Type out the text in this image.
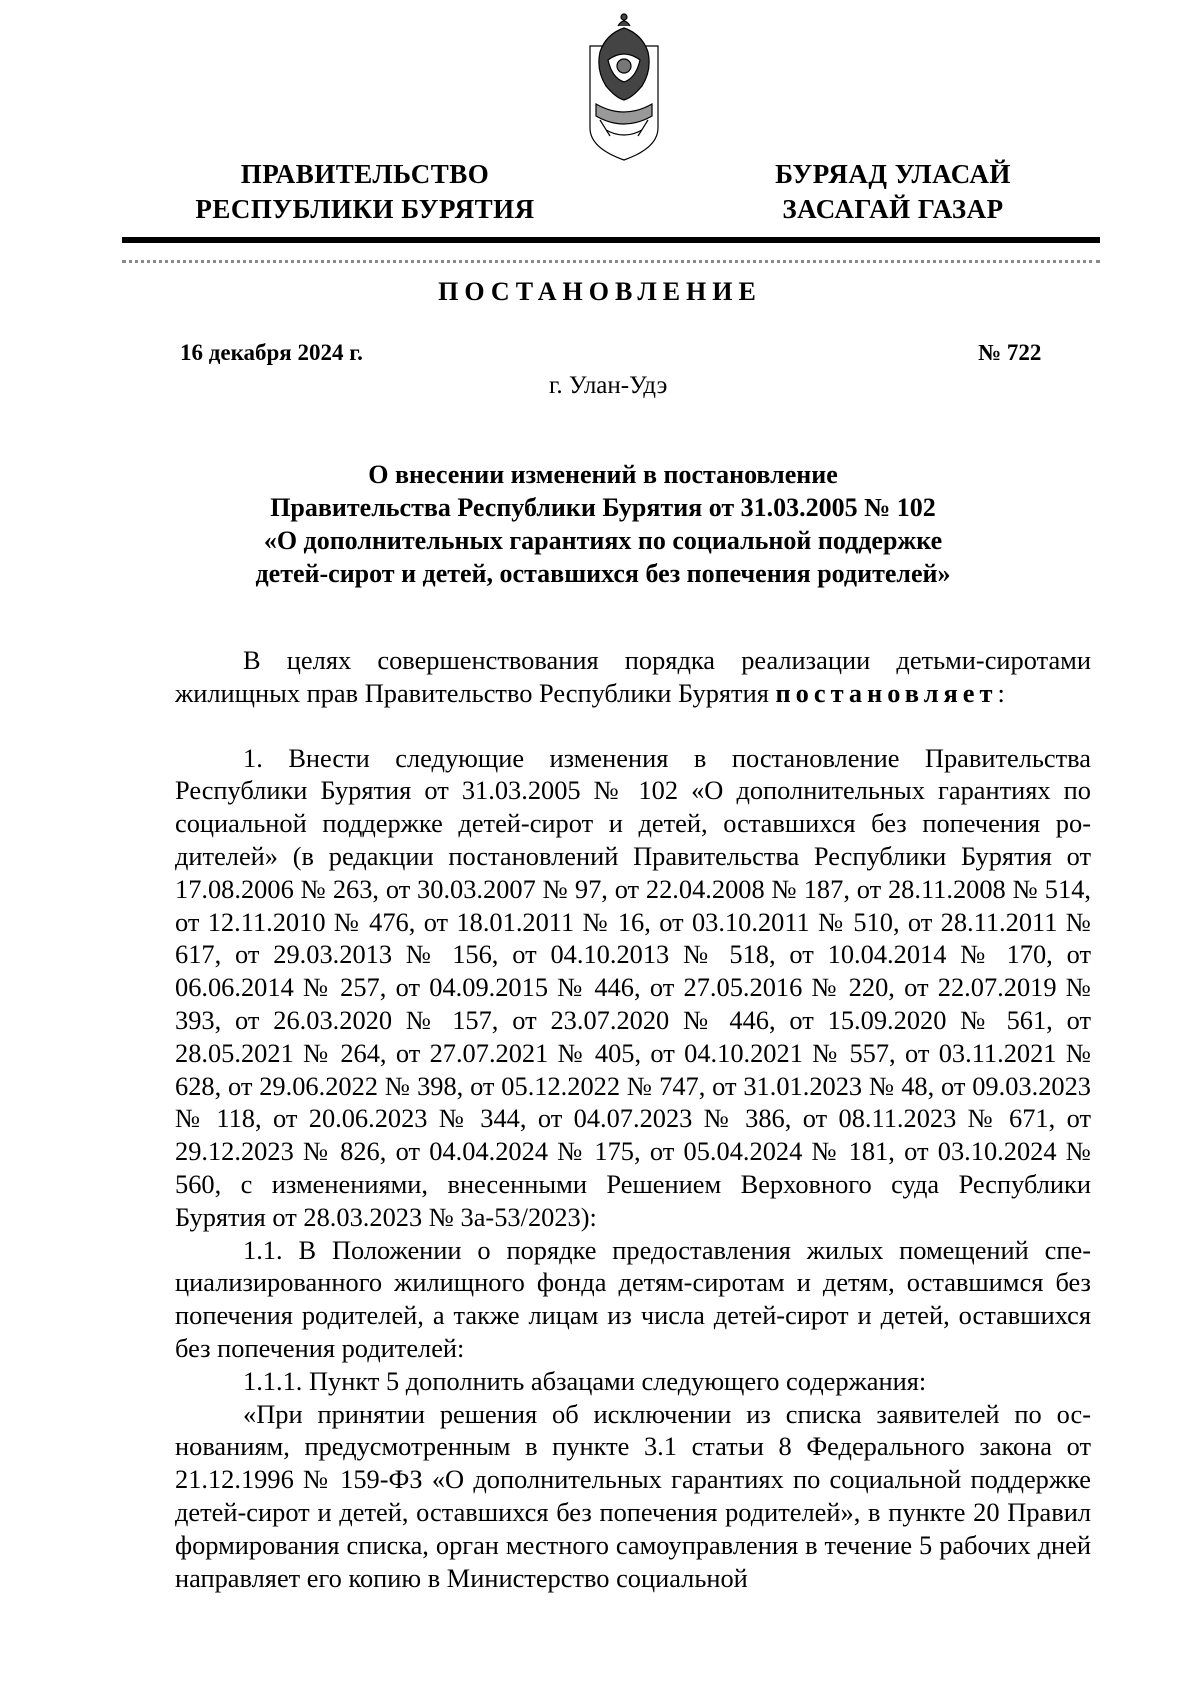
ПРАВИТЕЛЬСТВО
РЕСПУБЛИКИ БУРЯТИЯ

БУРЯАД УЛАСАЙ
ЗАСАГАЙ ГАЗАР

ПОСТАНОВЛЕНИЕ

16 декабря 2024 г.	№ 722

г. Улан-Удэ

О внесении изменений в постановление
Правительства Республики Бурятия от 31.03.2005 № 102
«О дополнительных гарантиях по социальной поддержке
детей-сирот и детей, оставшихся без попечения родителей»

В целях совершенствования порядка реализации детьми-сиротами жилищных прав Правительство Республики Бурятия постановляет:

1. Внести следующие изменения в постановление Правительства Республики Бурятия от 31.03.2005 № 102 «О дополнительных гарантиях по социальной поддержке детей-сирот и детей, оставшихся без попечения родителей» (в редакции постановлений Правительства Республики Бурятия от 17.08.2006 № 263, от 30.03.2007 № 97, от 22.04.2008 № 187, от 28.11.2008 № 514, от 12.11.2010 № 476, от 18.01.2011 № 16, от 03.10.2011 № 510, от 28.11.2011 № 617, от 29.03.2013 № 156, от 04.10.2013 № 518, от 10.04.2014 № 170, от 06.06.2014 № 257, от 04.09.2015 № 446, от 27.05.2016 № 220, от 22.07.2019 № 393, от 26.03.2020 № 157, от 23.07.2020 № 446, от 15.09.2020 № 561, от 28.05.2021 № 264, от 27.07.2021 № 405, от 04.10.2021 № 557, от 03.11.2021 № 628, от 29.06.2022 № 398, от 05.12.2022 № 747, от 31.01.2023 № 48, от 09.03.2023 № 118, от 20.06.2023 № 344, от 04.07.2023 № 386, от 08.11.2023 № 671, от 29.12.2023 № 826, от 04.04.2024 № 175, от 05.04.2024 № 181, от 03.10.2024 № 560, с изменениями, внесенными Решением Верховного суда Республики Бурятия от 28.03.2023 № 3а-53/2023):

1.1. В Положении о порядке предоставления жилых помещений специализированного жилищного фонда детям-сиротам и детям, оставшимся без попечения родителей, а также лицам из числа детей-сирот и детей, оставшихся без попечения родителей:

1.1.1. Пункт 5 дополнить абзацами следующего содержания:

«При принятии решения об исключении из списка заявителей по основаниям, предусмотренным в пункте 3.1 статьи 8 Федерального закона от 21.12.1996 № 159-ФЗ «О дополнительных гарантиях по социальной поддержке детей-сирот и детей, оставшихся без попечения родителей», в пункте 20 Правил формирования списка, орган местного самоуправления в течение 5 рабочих дней направляет его копию в Министерство социальной
